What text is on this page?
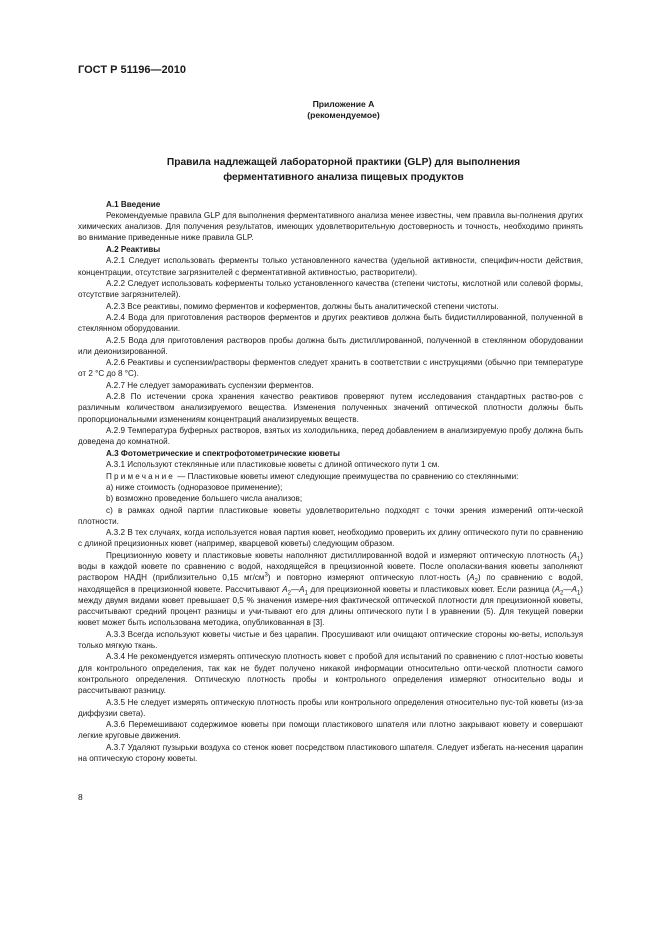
ГОСТ Р 51196—2010
Приложение А
(рекомендуемое)
Правила надлежащей лабораторной практики (GLP) для выполнения
ферментативного анализа пищевых продуктов

А.1 Введение

Рекомендуемые правила GLP для выполнения ферментативного анализа менее известны, чем правила вы-полнения других химических анализов. Для получения результатов, имеющих удовлетворительную достоверность и точность, необходимо принять во внимание приведенные ниже правила GLP.

А.2 Реактивы

А.2.1 Следует использовать ферменты только установленного качества (удельной активности, специфич-ности действия, концентрации, отсутствие загрязнителей с ферментативной активностью, растворители).

А.2.2 Следует использовать коферменты только установленного качества (степени чистоты, кислотной или солевой формы, отсутствие загрязнителей).

А.2.3 Все реактивы, помимо ферментов и коферментов, должны быть аналитической степени чистоты.

А.2.4 Вода для приготовления растворов ферментов и других реактивов должна быть бидистиллированной, полученной в стеклянном оборудовании.

А.2.5 Вода для приготовления растворов пробы должна быть дистиллированной, полученной в стеклянном оборудовании или деионизированной.

А.2.6 Реактивы и суспензии/растворы ферментов следует хранить в соответствии с инструкциями (обычно при температуре от 2 °С до 8 °С).

А.2.7 Не следует замораживать суспензии ферментов.

А.2.8 По истечении срока хранения качество реактивов проверяют путем исследования стандартных раство-ров с различным количеством анализируемого вещества. Изменения полученных значений оптической плотности должны быть пропорциональными изменениям концентраций анализируемых веществ.

А.2.9 Температура буферных растворов, взятых из холодильника, перед добавлением в анализируемую пробу должна быть доведена до комнатной.

А.3 Фотометрические и спектрофотометрические кюветы

А.3.1 Используют стеклянные или пластиковые кюветы с длиной оптического пути 1 см.

Примечание — Пластиковые кюветы имеют следующие преимущества по сравнению со стеклянными:

а) ниже стоимость (одноразовое применение);

b) возможно проведение большего числа анализов;

с) в рамках одной партии пластиковые кюветы удовлетворительно подходят с точки зрения измерений опти-ческой плотности.

А.3.2 В тех случаях, когда используется новая партия кювет, необходимо проверить их длину оптического пути по сравнению с длиной прецизионных кювет (например, кварцевой кюветы) следующим образом.

Прецизионную кювету и пластиковые кюветы наполняют дистиллированной водой и измеряют оптическую плотность $(A_1)$ воды в каждой кювете по сравнению с водой, находящейся в прецизионной кювете. После ополаски-вания кюветы заполняют раствором НАДН (приблизительно 0,15 $мг/см^3$) и повторно измеряют оптическую плот-ность $(A_2)$ по сравнению с водой, находящейся в прецизионной кювете. Рассчитывают $A_2—A_1$ для прецизионной кюветы и пластиковых кювет. Если разница $(A_2—A_1)$ между двумя видами кювет превышает 0,5 % значения измере-ния фактической оптической плотности для прецизионной кюветы, рассчитывают средний процент разницы и учи-тывают его для длины оптического пути l в уравнении (5). Для текущей поверки кювет может быть использована методика, опубликованная в [3].

А.3.3 Всегда используют кюветы чистые и без царапин. Просушивают или очищают оптические стороны кю-веты, используя только мягкую ткань.

А.3.4 Не рекомендуется измерять оптическую плотность кювет с пробой для испытаний по сравнению с плот-ностью кюветы для контрольного определения, так как не будет получено никакой информации относительно опти-ческой плотности самого контрольного определения. Оптическую плотность пробы и контрольного определения измеряют относительно воды и рассчитывают разницу.

А.3.5 Не следует измерять оптическую плотность пробы или контрольного определения относительно пус-той кюветы (из-за диффузии света).

А.3.6 Перемешивают содержимое кюветы при помощи пластикового шпателя или плотно закрывают кювету и совершают легкие круговые движения.

А.3.7 Удаляют пузырьки воздуха со стенок кювет посредством пластикового шпателя. Следует избегать на-несения царапин на оптическую сторону кюветы.

8
